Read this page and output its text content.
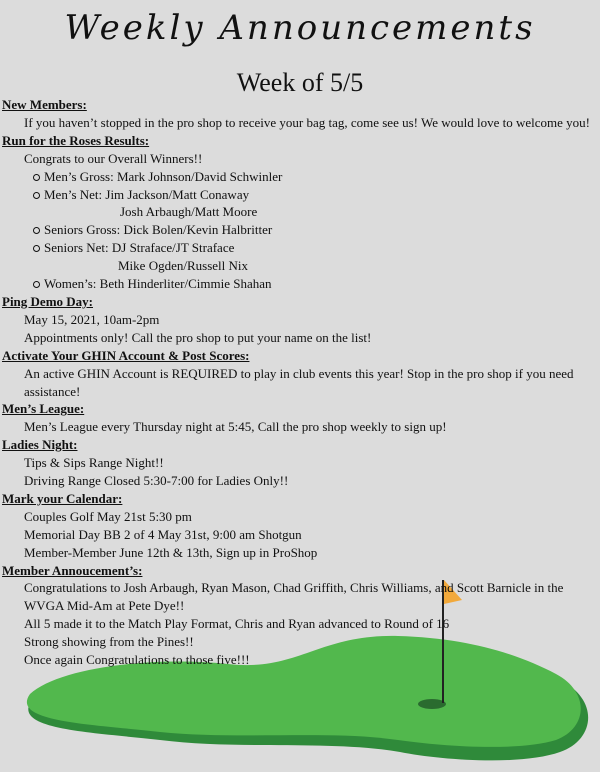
Weekly Announcements
Week of 5/5
New Members:
If you haven’t stopped in the pro shop to receive your bag tag, come see us! We would love to welcome you!
Run for the Roses Results:
Congrats to our Overall Winners!!
Men’s Gross: Mark Johnson/David Schwinler
Men’s Net: Jim Jackson/Matt Conaway
Josh Arbaugh/Matt Moore
Seniors Gross: Dick Bolen/Kevin Halbritter
Seniors Net: DJ Straface/JT Straface
Mike Ogden/Russell Nix
Women’s: Beth Hinderliter/Cimmie Shahan
Ping Demo Day:
May 15, 2021, 10am-2pm
Appointments only! Call the pro shop to put your name on the list!
Activate Your GHIN Account & Post Scores:
An active GHIN Account is REQUIRED to play in club events this year! Stop in the pro shop if you need assistance!
Men’s League:
Men’s League every Thursday night at 5:45, Call the pro shop weekly to sign up!
Ladies Night:
Tips & Sips Range Night!!
Driving Range Closed 5:30-7:00 for Ladies Only!!
Mark your Calendar:
Couples Golf May 21st 5:30 pm
Memorial Day BB 2 of 4 May 31st, 9:00 am Shotgun
Member-Member June 12th & 13th, Sign up in ProShop
Member Annoucement’s:
Congratulations to Josh Arbaugh, Ryan Mason, Chad Griffith, Chris Williams, and Scott Barnicle in the WVGA Mid-Am at Pete Dye!!
All 5 made it to the Match Play Format, Chris and Ryan advanced to Round of 16
Strong showing from the Pines!!
Once again Congratulations to those five!!!
